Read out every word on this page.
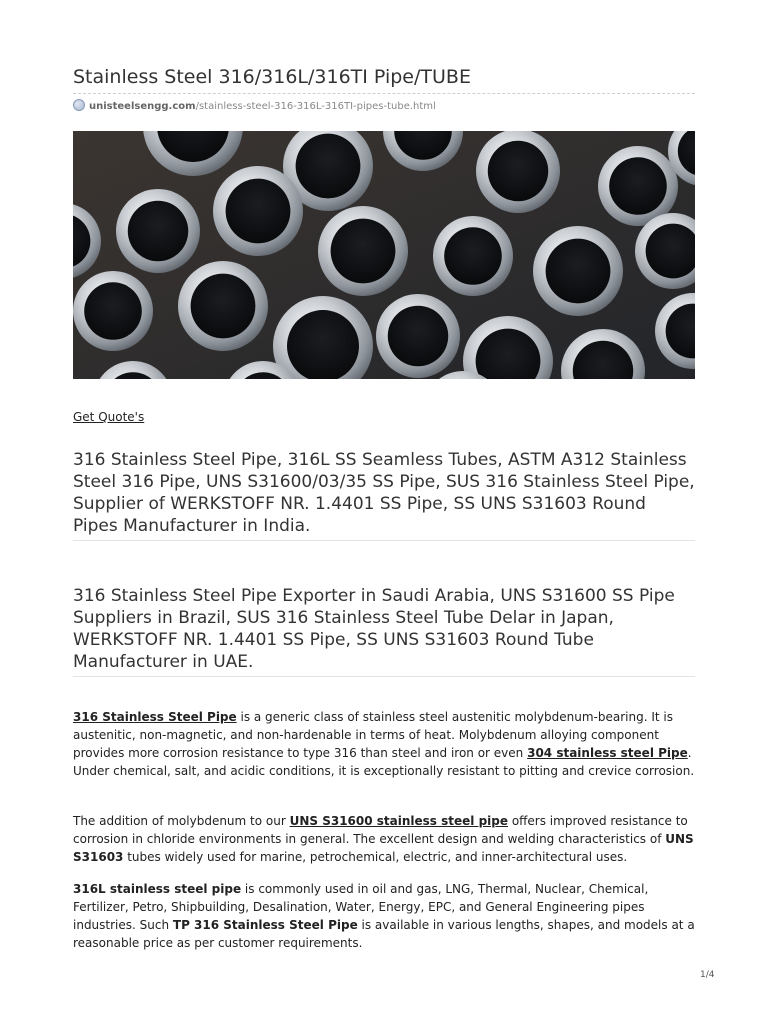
Stainless Steel 316/316L/316TI Pipe/TUBE
unisteelsengg.com/stainless-steel-316-316L-316TI-pipes-tube.html
Get Quote's
316 Stainless Steel Pipe, 316L SS Seamless Tubes, ASTM A312 Stainless Steel 316 Pipe, UNS S31600/03/35 SS Pipe, SUS 316 Stainless Steel Pipe, Supplier of WERKSTOFF NR. 1.4401 SS Pipe, SS UNS S31603 Round Pipes Manufacturer in India.
316 Stainless Steel Pipe Exporter in Saudi Arabia, UNS S31600 SS Pipe Suppliers in Brazil, SUS 316 Stainless Steel Tube Delar in Japan, WERKSTOFF NR. 1.4401 SS Pipe, SS UNS S31603 Round Tube Manufacturer in UAE.
316 Stainless Steel Pipe is a generic class of stainless steel austenitic molybdenum-bearing. It is austenitic, non-magnetic, and non-hardenable in terms of heat. Molybdenum alloying component provides more corrosion resistance to type 316 than steel and iron or even 304 stainless steel Pipe. Under chemical, salt, and acidic conditions, it is exceptionally resistant to pitting and crevice corrosion.
The addition of molybdenum to our UNS S31600 stainless steel pipe offers improved resistance to corrosion in chloride environments in general. The excellent design and welding characteristics of UNS S31603 tubes widely used for marine, petrochemical, electric, and inner-architectural uses.
316L stainless steel pipe is commonly used in oil and gas, LNG, Thermal, Nuclear, Chemical, Fertilizer, Petro, Shipbuilding, Desalination, Water, Energy, EPC, and General Engineering pipes industries. Such TP 316 Stainless Steel Pipe is available in various lengths, shapes, and models at a reasonable price as per customer requirements.
1/4
